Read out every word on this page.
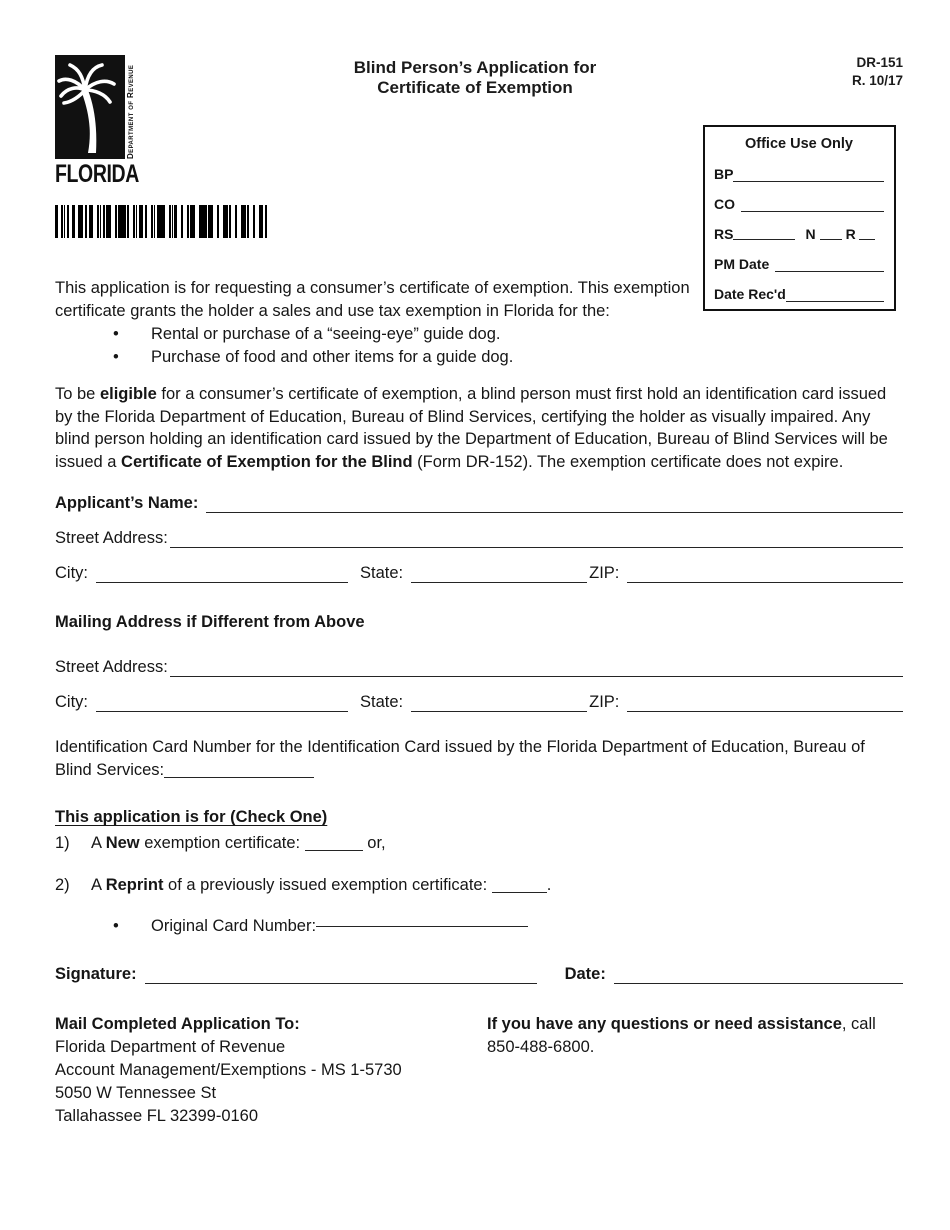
Department of Revenue
FLORIDA
Blind Person’s Application for
Certificate of Exemption
DR-151
R. 10/17
Office Use Only
BP
CO
RS	N R
PM Date
Date Rec'd

This application is for requesting a consumer’s certificate of exemption. This exemption certificate grants the holder a sales and use tax exemption in Florida for the:

•
Rental or purchase of a “seeing-eye” guide dog.
•
Purchase of food and other items for a guide dog.

To be eligible for a consumer’s certificate of exemption, a blind person must first hold an identification card issued by the Florida Department of Education, Bureau of Blind Services, certifying the holder as visually impaired. Any blind person holding an identification card issued by the Department of Education, Bureau of Blind Services will be issued a Certificate of Exemption for the Blind (Form DR-152). The exemption certificate does not expire.

Applicant’s Name:
Street Address:
City:	State:	ZIP:
Mailing Address if Different from Above
Street Address:
City:	State:	ZIP:

Identification Card Number for the Identification Card issued by the Florida Department of Education, Bureau of Blind Services:

This application is for (Check One)
1) A New exemption certificate:	or,
2) A Reprint of a previously issued exemption certificate:	.
•
Original Card Number:
Signature:	Date:
Mail Completed Application To:
Florida Department of Revenue
Account Management/Exemptions - MS 1-5730
5050 W Tennessee St
Tallahassee FL 32399-0160
If you have any questions or need assistance, call 850-488-6800.
